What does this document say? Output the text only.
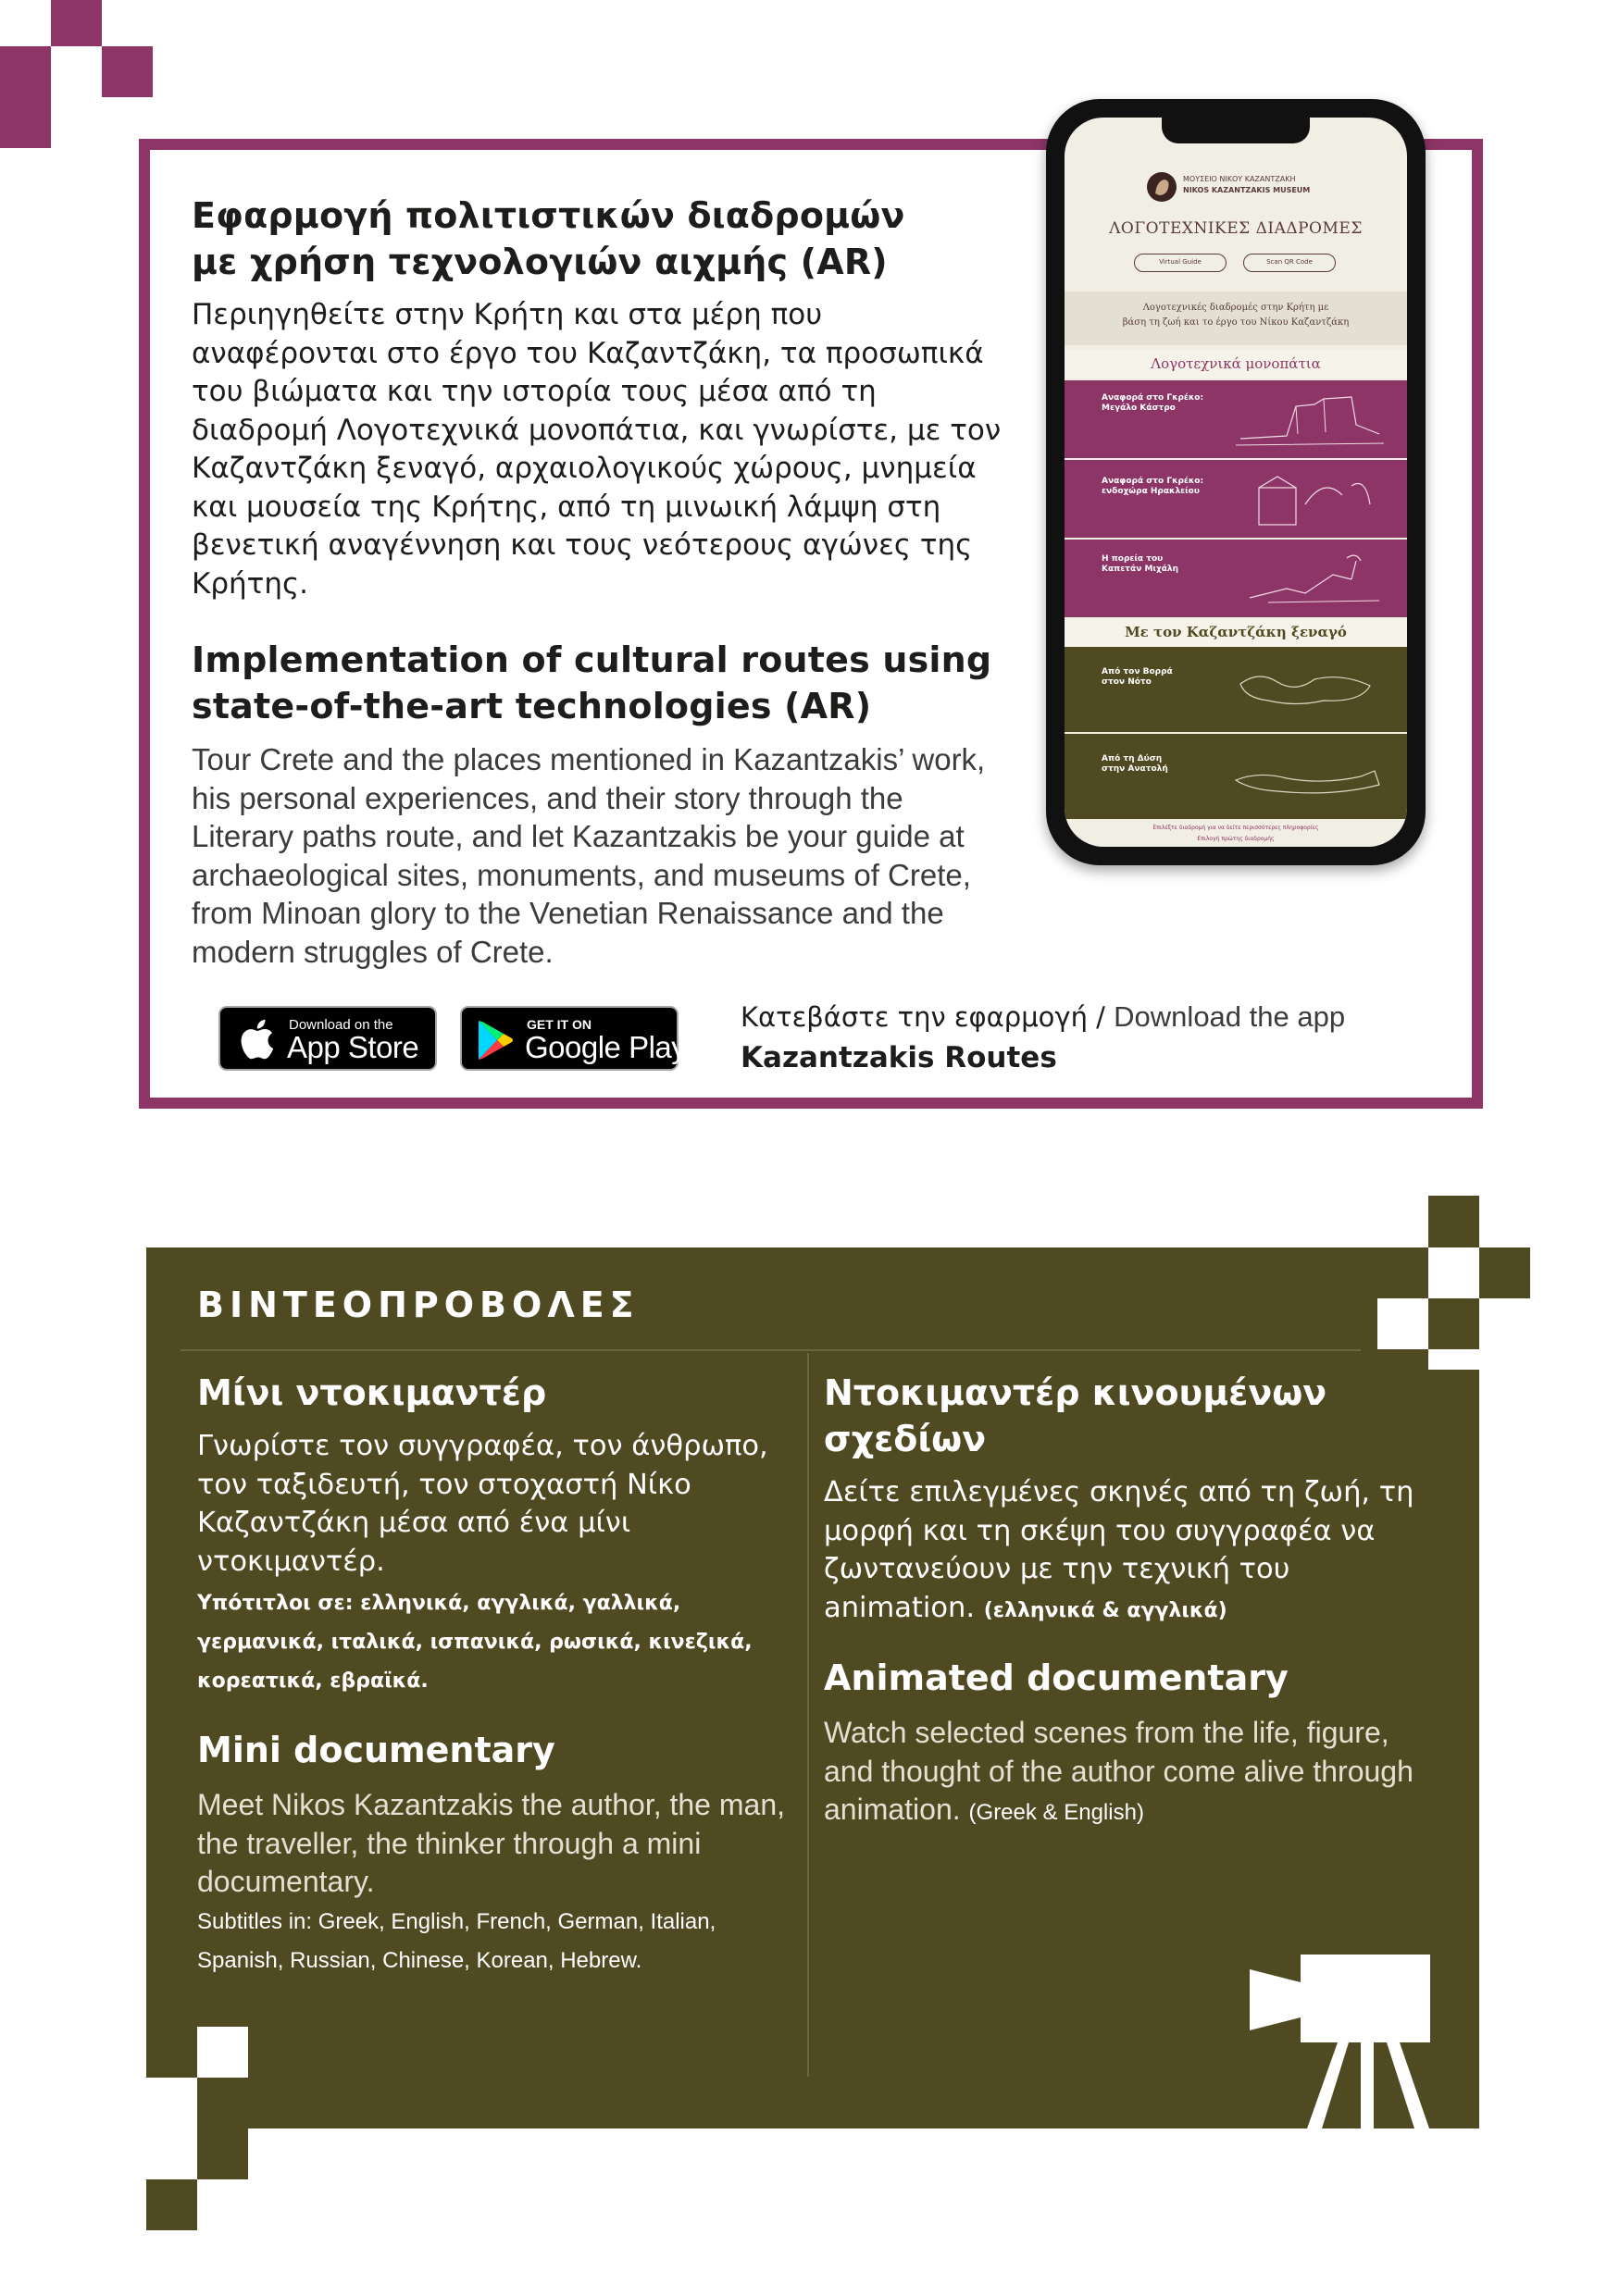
Εφαρμογή πολιτιστικών διαδρομών
με χρήση τεχνολογιών αιχμής (AR)

Περιηγηθείτε στην Κρήτη και στα μέρη που αναφέρονται στο έργο του Καζαντζάκη, τα προσωπικά του βιώματα και την ιστορία τους μέσα από τη διαδρομή Λογοτεχνικά μονοπάτια, και γνωρίστε, με τον Καζαντζάκη ξεναγό, αρχαιολογικούς χώρους, μνημεία και μουσεία της Κρήτης, από τη μινωική λάμψη στη βενετική αναγέννηση και τους νεότερους αγώνες της Κρήτης.

Implementation of cultural routes using
state-of-the-art technologies (AR)

Tour Crete and the places mentioned in Kazantzakis’ work, his personal experiences, and their story through the Literary paths route, and let Kazantzakis be your guide at archaeological sites, monuments, and museums of Crete, from Minoan glory to the Venetian Renaissance and the modern struggles of Crete.

Download on the
App Store
GET IT ON
Google Play
Κατεβάστε την εφαρμογή / Download the app
Kazantzakis Routes
ΜΟΥΣΕΙΟ ΝΙΚΟΥ ΚΑΖΑΝΤΖΑΚΗ
NIKOS KAZANTZAKIS MUSEUM
ΛΟΓΟΤΕΧΝΙΚΕΣ ΔΙΑΔΡΟΜΕΣ
Virtual Guide	Scan QR Code
Λογοτεχνικές διαδρομές στην Κρήτη με
βάση τη ζωή και το έργο του Νίκου Καζαντζάκη
Λογοτεχνικά μονοπάτια
Αναφορά στο Γκρέκο:
Μεγάλο Κάστρο
Αναφορά στο Γκρέκο:
ενδοχώρα Ηρακλείου
Η πορεία του
Καπετάν Μιχάλη
Με τον Καζαντζάκη ξεναγό
Από τον Βορρά
στον Νότο
Από τη Δύση
στην Ανατολή
Επιλέξτε διαδρομή για να δείτε περισσότερες πληροφορίες
Επιλογή πρώτης διαδρομής
ΒΙΝΤΕΟΠΡΟΒΟΛΕΣ
Μίνι ντοκιμαντέρ

Γνωρίστε τον συγγραφέα, τον άνθρωπο, τον ταξιδευτή, τον στοχαστή Νίκο Καζαντζάκη μέσα από ένα μίνι ντοκιμαντέρ.

Υπότιτλοι σε: ελληνικά, αγγλικά, γαλλικά, γερμανικά, ιταλικά, ισπανικά, ρωσικά, κινεζικά, κορεατικά, εβραϊκά.

Mini documentary

Meet Nikos Kazantzakis the author, the man, the traveller, the thinker through a mini documentary.

Subtitles in: Greek, English, French, German, Italian, Spanish, Russian, Chinese, Korean, Hebrew.

Ντοκιμαντέρ κινουμένων σχεδίων

Δείτε επιλεγμένες σκηνές από τη ζωή, τη μορφή και τη σκέψη του συγγραφέα να ζωντανεύουν με την τεχνική του animation. (ελληνικά & αγγλικά)

Animated documentary

Watch selected scenes from the life, figure, and thought of the author come alive through animation. (Greek & English)
